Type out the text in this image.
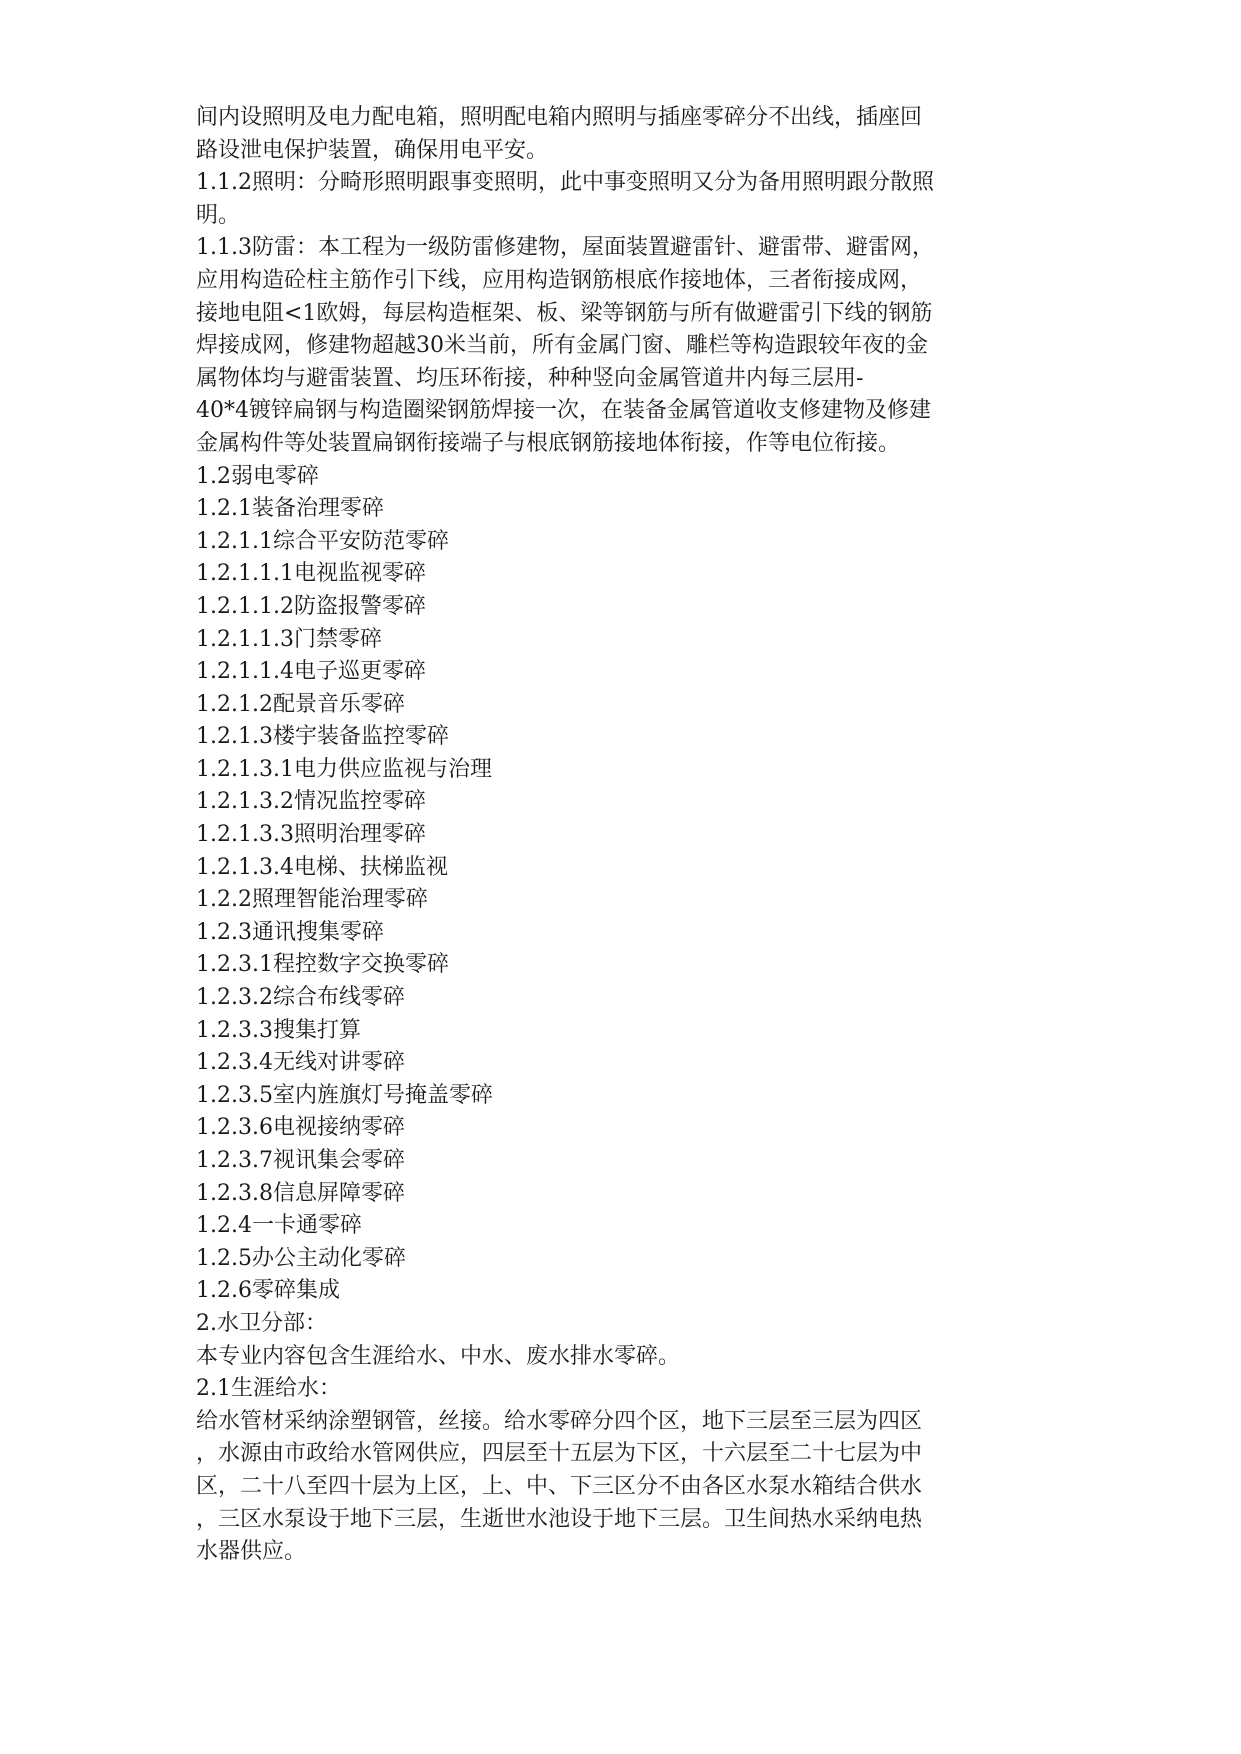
间内设照明及电力配电箱，照明配电箱内照明与插座零碎分不出线，插座回
路设泄电保护装置，确保用电平安。
1.1.2照明：分畸形照明跟事变照明，此中事变照明又分为备用照明跟分散照
明。
1.1.3防雷：本工程为一级防雷修建物，屋面装置避雷针、避雷带、避雷网，
应用构造砼柱主筋作引下线，应用构造钢筋根底作接地体，三者衔接成网，
接地电阻<1欧姆，每层构造框架、板、梁等钢筋与所有做避雷引下线的钢筋
焊接成网，修建物超越30米当前，所有金属门窗、雕栏等构造跟较年夜的金
属物体均与避雷装置、均压环衔接，种种竖向金属管道井内每三层用-
40*4镀锌扁钢与构造圈梁钢筋焊接一次，在装备金属管道收支修建物及修建
金属构件等处装置扁钢衔接端子与根底钢筋接地体衔接，作等电位衔接。
1.2弱电零碎
1.2.1装备治理零碎
1.2.1.1综合平安防范零碎
1.2.1.1.1电视监视零碎
1.2.1.1.2防盗报警零碎
1.2.1.1.3门禁零碎
1.2.1.1.4电子巡更零碎
1.2.1.2配景音乐零碎
1.2.1.3楼宇装备监控零碎
1.2.1.3.1电力供应监视与治理
1.2.1.3.2情况监控零碎
1.2.1.3.3照明治理零碎
1.2.1.3.4电梯、扶梯监视
1.2.2照理智能治理零碎
1.2.3通讯搜集零碎
1.2.3.1程控数字交换零碎
1.2.3.2综合布线零碎
1.2.3.3搜集打算
1.2.3.4无线对讲零碎
1.2.3.5室内旌旗灯号掩盖零碎
1.2.3.6电视接纳零碎
1.2.3.7视讯集会零碎
1.2.3.8信息屏障零碎
1.2.4一卡通零碎
1.2.5办公主动化零碎
1.2.6零碎集成
2.水卫分部：
本专业内容包含生涯给水、中水、废水排水零碎。
2.1生涯给水：
给水管材采纳涂塑钢管，丝接。给水零碎分四个区，地下三层至三层为四区
，水源由市政给水管网供应，四层至十五层为下区，十六层至二十七层为中
区，二十八至四十层为上区，上、中、下三区分不由各区水泵水箱结合供水
，三区水泵设于地下三层，生逝世水池设于地下三层。卫生间热水采纳电热
水器供应。
